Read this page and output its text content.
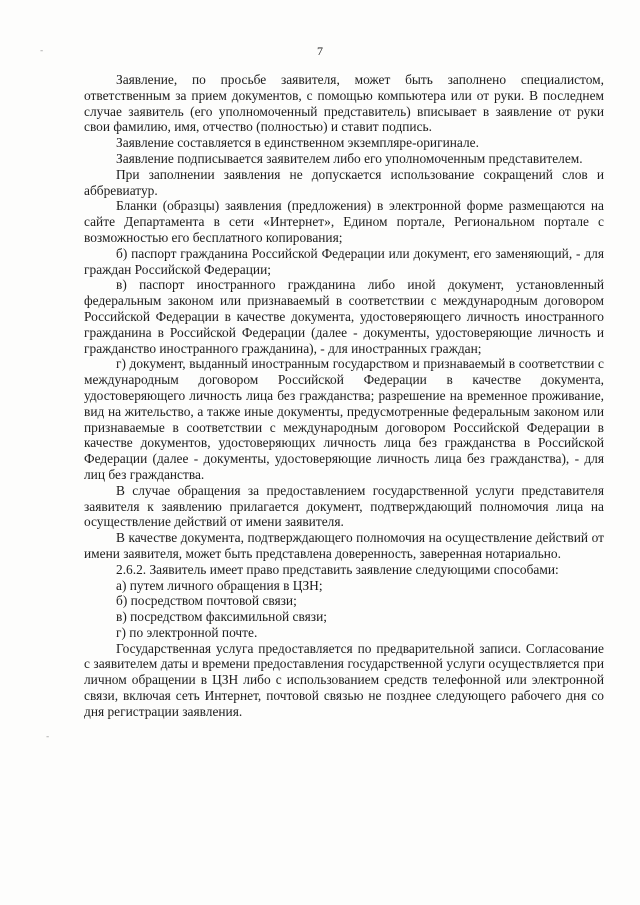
-
-
7

Заявление, по просьбе заявителя, может быть заполнено специалистом, ответственным за прием документов, с помощью компьютера или от руки. В последнем случае заявитель (его уполномоченный представитель) вписывает в заявление от руки свои фамилию, имя, отчество (полностью) и ставит подпись.

Заявление составляется в единственном экземпляре-оригинале.

Заявление подписывается заявителем либо его уполномоченным представителем.

При заполнении заявления не допускается использование сокращений слов и аббревиатур.

Бланки (образцы) заявления (предложения) в электронной форме размещаются на сайте Департамента в сети «Интернет», Едином портале, Региональном портале с возможностью его бесплатного копирования;

б) паспорт гражданина Российской Федерации или документ, его заменяющий, - для граждан Российской Федерации;

в) паспорт иностранного гражданина либо иной документ, установленный федеральным законом или признаваемый в соответствии с международным договором Российской Федерации в качестве документа, удостоверяющего личность иностранного гражданина в Российской Федерации (далее - документы, удостоверяющие личность и гражданство иностранного гражданина), - для иностранных граждан;

г) документ, выданный иностранным государством и признаваемый в соответствии с международным договором Российской Федерации в качестве документа, удостоверяющего личность лица без гражданства; разрешение на временное проживание, вид на жительство, а также иные документы, предусмотренные федеральным законом или признаваемые в соответствии с международным договором Российской Федерации в качестве документов, удостоверяющих личность лица без гражданства в Российской Федерации (далее - документы, удостоверяющие личность лица без гражданства), - для лиц без гражданства.

В случае обращения за предоставлением государственной услуги представителя заявителя к заявлению прилагается документ, подтверждающий полномочия лица на осуществление действий от имени заявителя.

В качестве документа, подтверждающего полномочия на осуществление действий от имени заявителя, может быть представлена доверенность, заверенная нотариально.

2.6.2. Заявитель имеет право представить заявление следующими способами:

а) путем личного обращения в ЦЗН;

б) посредством почтовой связи;

в) посредством факсимильной связи;

г) по электронной почте.

Государственная услуга предоставляется по предварительной записи. Согласование с заявителем даты и времени предоставления государственной услуги осуществляется при личном обращении в ЦЗН либо с использованием средств телефонной или электронной связи, включая сеть Интернет, почтовой связью не позднее следующего рабочего дня со дня регистрации заявления.
